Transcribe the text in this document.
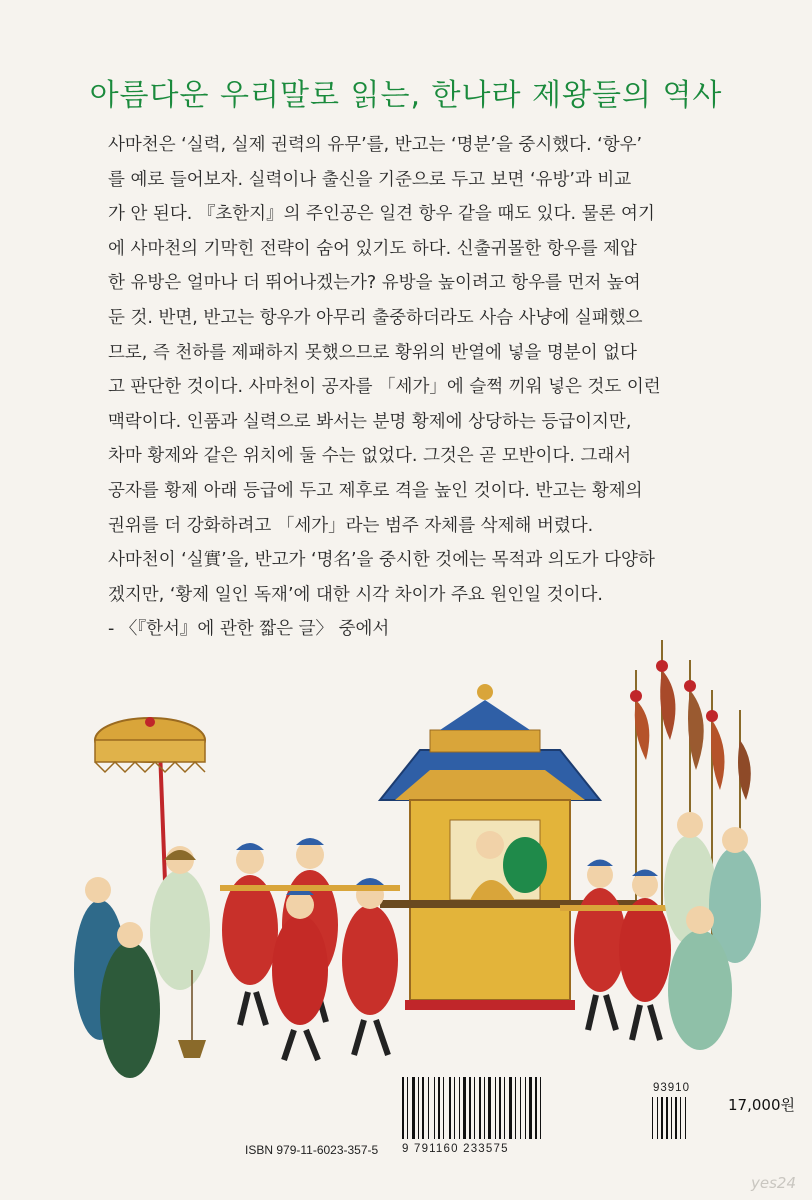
아름다운 우리말로 읽는, 한나라 제왕들의 역사
사마천은 ‘실력, 실제 권력의 유무’를, 반고는 ‘명분’을 중시했다. ‘항우’
를 예로 들어보자. 실력이나 출신을 기준으로 두고 보면 ‘유방’과 비교
가 안 된다. 『초한지』의 주인공은 일견 항우 같을 때도 있다. 물론 여기
에 사마천의 기막힌 전략이 숨어 있기도 하다. 신출귀몰한 항우를 제압
한 유방은 얼마나 더 뛰어나겠는가? 유방을 높이려고 항우를 먼저 높여
둔 것. 반면, 반고는 항우가 아무리 출중하더라도 사슴 사냥에 실패했으
므로, 즉 천하를 제패하지 못했으므로 황위의 반열에 넣을 명분이 없다
고 판단한 것이다. 사마천이 공자를 「세가」에 슬쩍 끼워 넣은 것도 이런
맥락이다. 인품과 실력으로 봐서는 분명 황제에 상당하는 등급이지만,
차마 황제와 같은 위치에 둘 수는 없었다. 그것은 곧 모반이다. 그래서
공자를 황제 아래 등급에 두고 제후로 격을 높인 것이다. 반고는 황제의
권위를 더 강화하려고 「세가」라는 범주 자체를 삭제해 버렸다.
사마천이 ‘실實’을, 반고가 ‘명名’을 중시한 것에는 목적과 의도가 다양하
겠지만, ‘황제 일인 독재’에 대한 시각 차이가 주요 원인일 것이다.
- 〈『한서』에 관한 짧은 글〉 중에서
ISBN 979-11-6023-357-5 9 791160 233575
93910
17,000원
yes24
